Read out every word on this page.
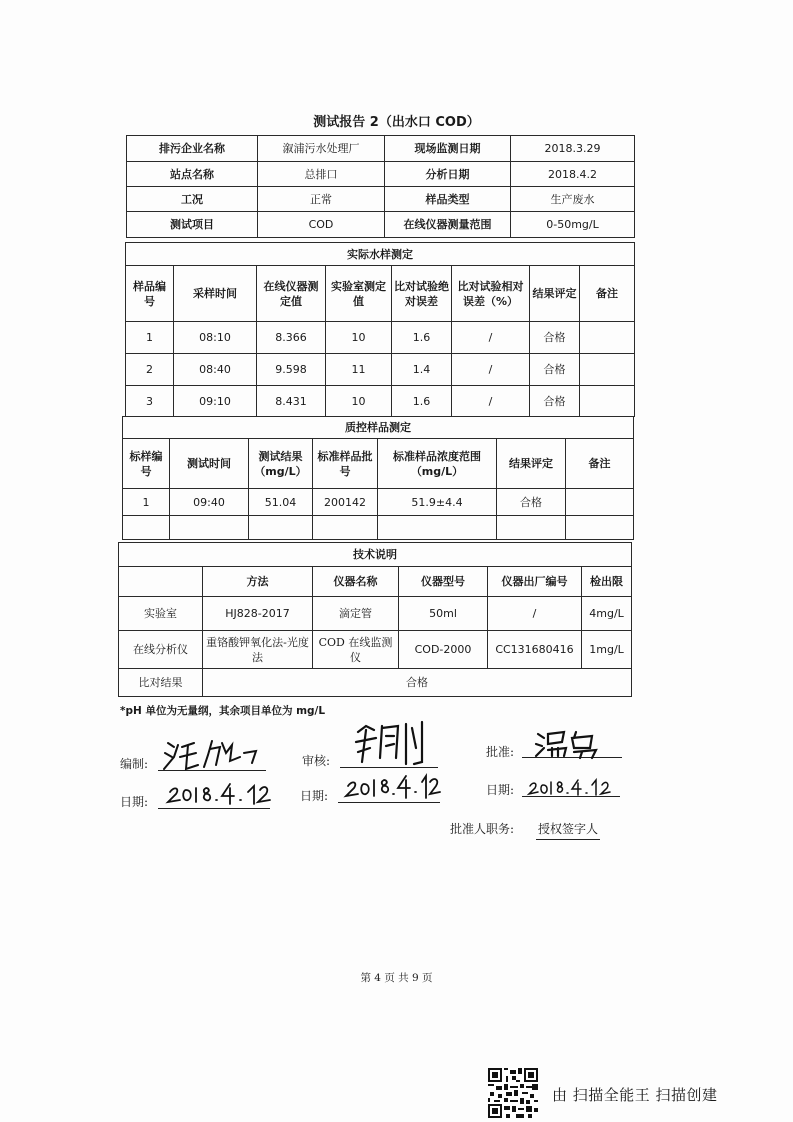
测试报告 2（出水口 COD）
排污企业名称	溆浦污水处理厂	现场监测日期	2018.3.29
站点名称	总排口	分析日期	2018.4.2
工况	正常	样品类型	生产废水
测试项目	COD	在线仪器测量范围	0-50mg/L
实际水样测定							
样品编号	采样时间	在线仪器测定值	实验室测定值	比对试验绝对误差	比对试验相对误差（%）	结果评定	备注
1	08:10	8.366	10	1.6	/	合格	
2	08:40	9.598	11	1.4	/	合格	
3	09:10	8.431	10	1.6	/	合格	
质控样品测定						
标样编号	测试时间	测试结果（mg/L）	标准样品批号	标准样品浓度范围（mg/L）	结果评定	备注
1	09:40	51.04	200142	51.9±4.4	合格	

技术说明					
	方法	仪器名称	仪器型号	仪器出厂编号	检出限
实验室	HJ828-2017	滴定管	50ml	/	4mg/L
在线分析仪	重铬酸钾氧化法-光度法	COD 在线监测仪	COD-2000	CC131680416	1mg/L
比对结果	合格				
*pH 单位为无量纲，其余项目单位为 mg/L
编制:	审核:
批准:
日期:	日期:	日期:
批准人职务: 授权签字人
第 4 页 共 9 页
由 扫描全能王 扫描创建
